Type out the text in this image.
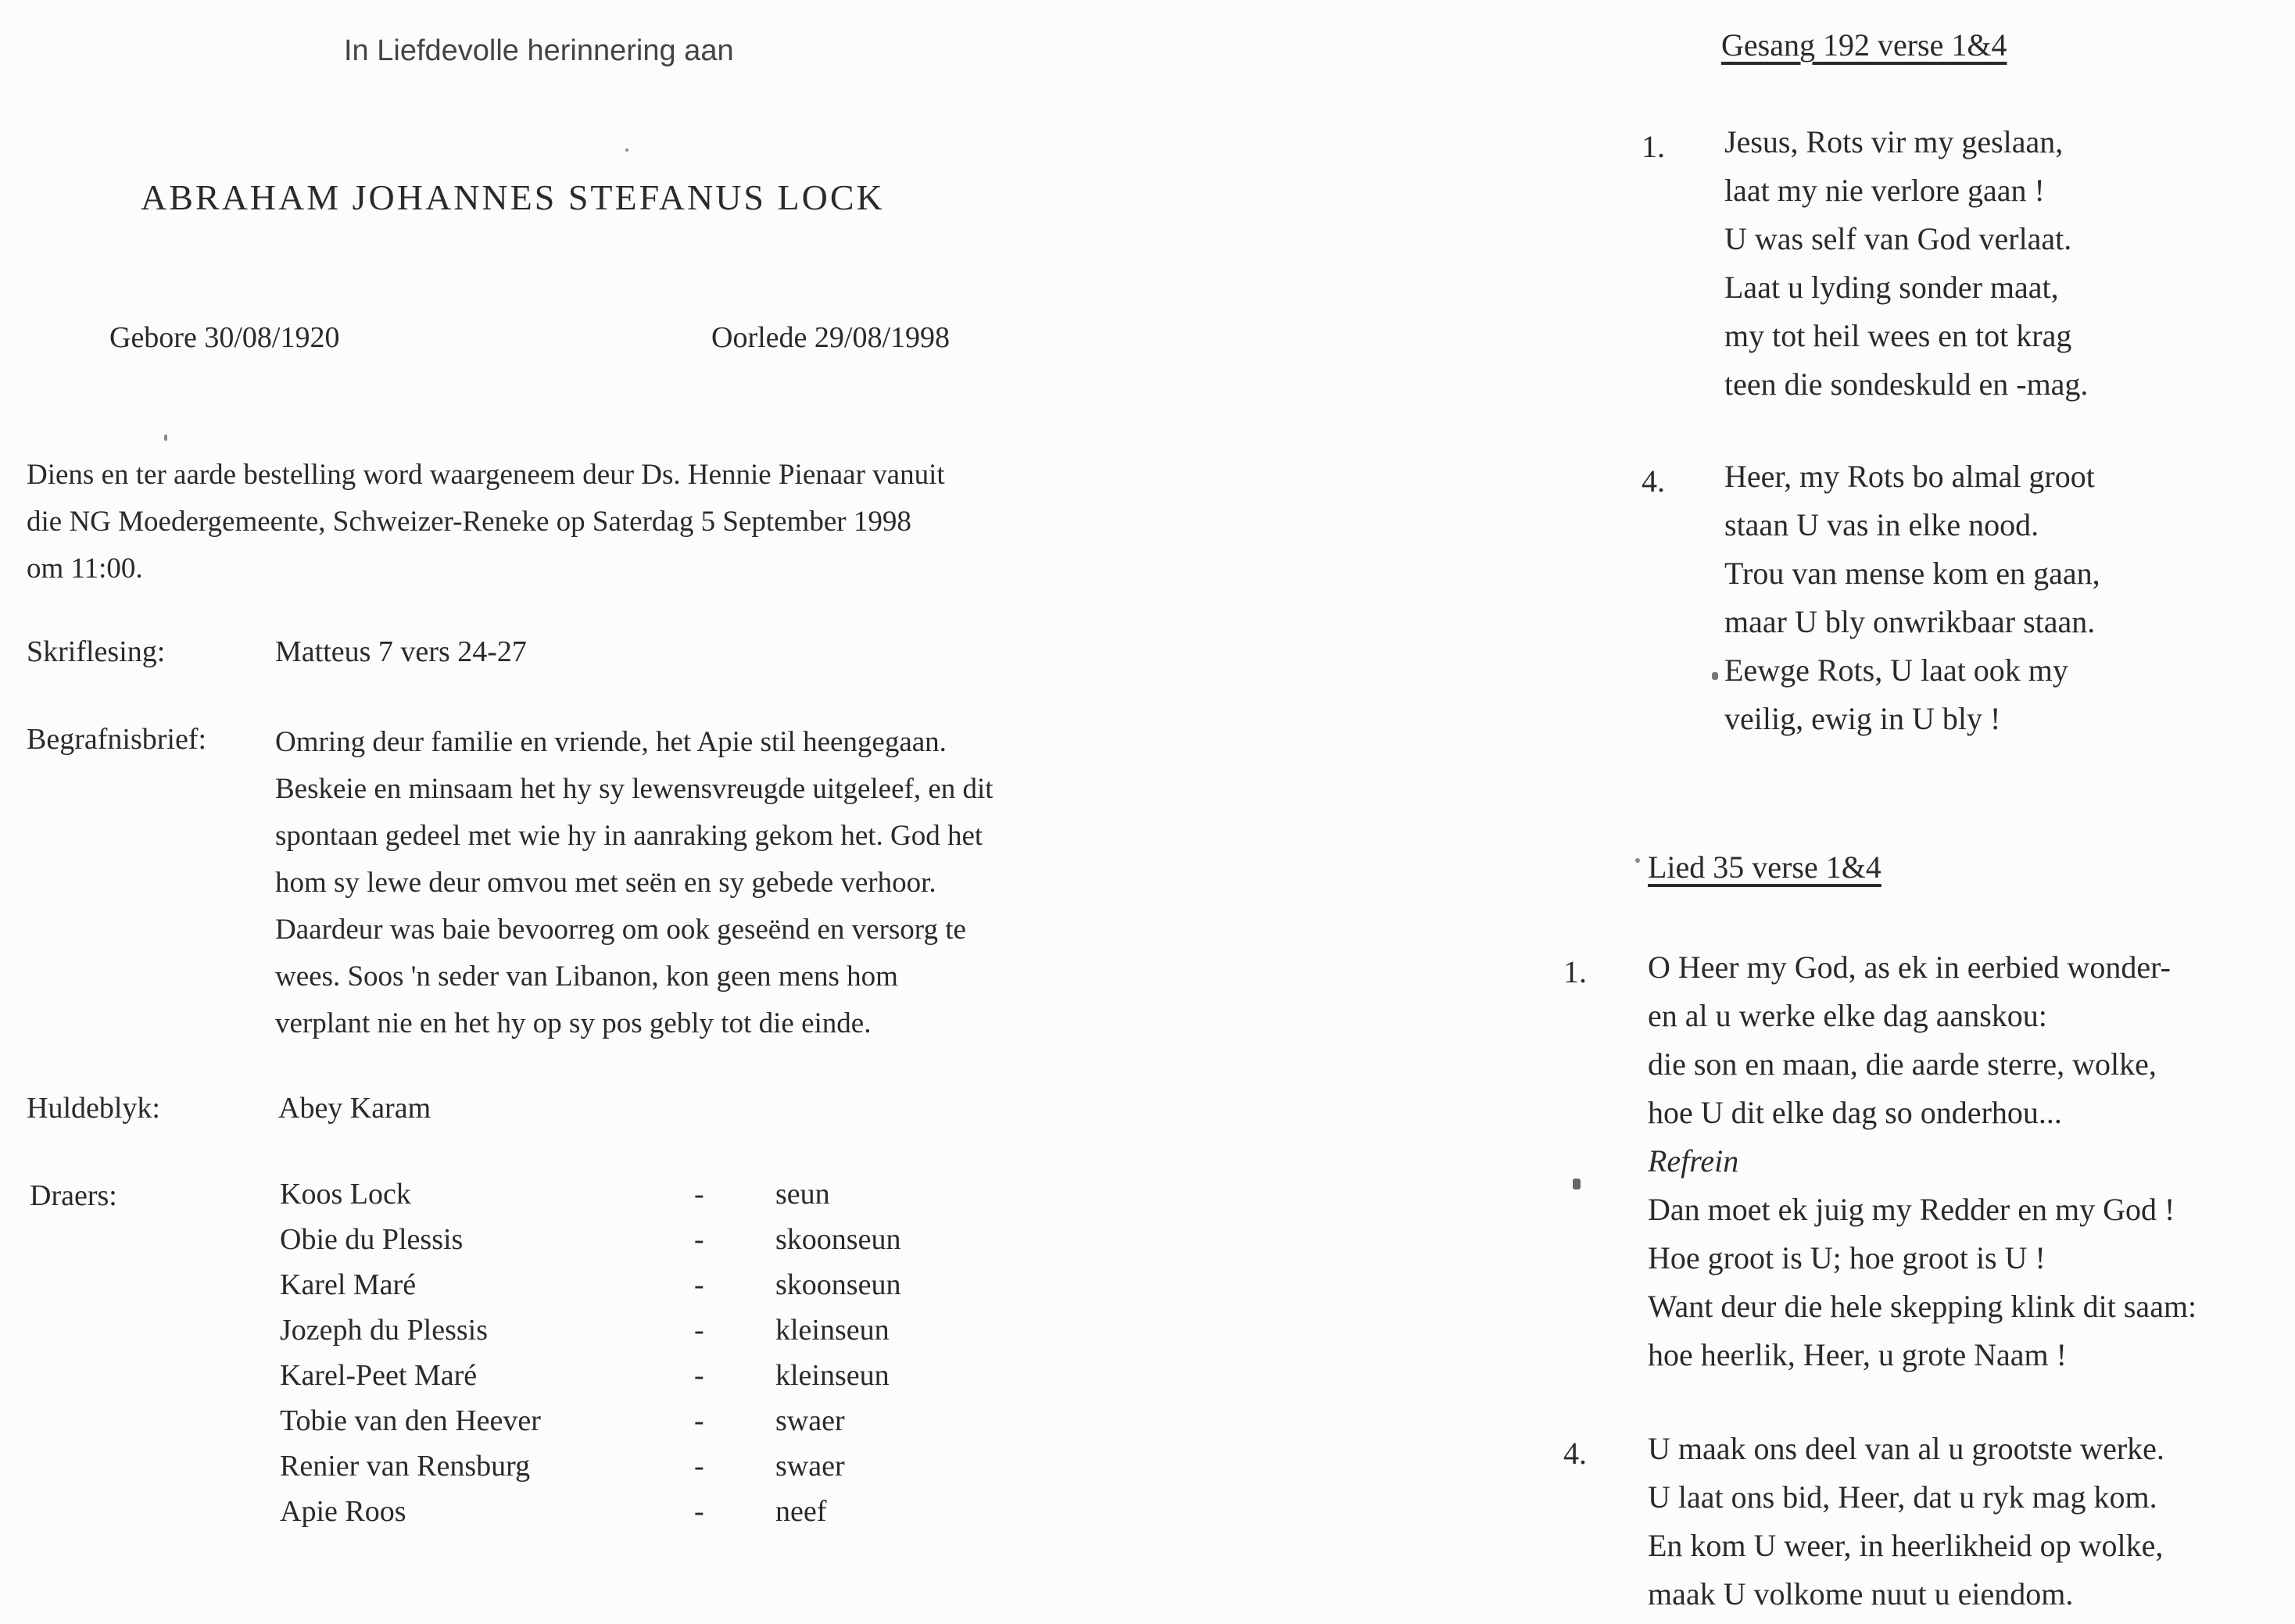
In Liefdevolle herinnering aan
ABRAHAM JOHANNES STEFANUS LOCK
Gebore 30/08/1920	Oorlede 29/08/1998
Diens en ter aarde bestelling word waargeneem deur Ds. Hennie Pienaar vanuit
die NG Moedergemeente, Schweizer-Reneke op Saterdag 5 September 1998
om 11:00.
Skriflesing:	Matteus 7 vers 24-27
Begrafnisbrief: Omring deur familie en vriende, het Apie stil heengegaan.
Beskeie en minsaam het hy sy lewensvreugde uitgeleef, en dit
spontaan gedeel met wie hy in aanraking gekom het. God het
hom sy lewe deur omvou met seën en sy gebede verhoor.
Daardeur was baie bevoorreg om ook geseënd en versorg te
wees. Soos 'n seder van Libanon, kon geen mens hom
verplant nie en het hy op sy pos gebly tot die einde.
Huldeblyk:	Abey Karam
Draers:	Koos Lock	- seun
Obie du Plessis	- skoonseun
Karel Maré	- skoonseun
Jozeph du Plessis	- kleinseun
Karel-Peet Maré	- kleinseun
Tobie van den Heever	- swaer
Renier van Rensburg	- swaer
Apie Roos	- neef
Gesang 192 verse 1&4
1. Jesus, Rots vir my geslaan,
laat my nie verlore gaan !
U was self van God verlaat.
Laat u lyding sonder maat,
my tot heil wees en tot krag
teen die sondeskuld en -mag.
4. Heer, my Rots bo almal groot
staan U vas in elke nood.
Trou van mense kom en gaan,
maar U bly onwrikbaar staan.
Eewge Rots, U laat ook my
veilig, ewig in U bly !
Lied 35 verse 1&4
1. O Heer my God, as ek in eerbied wonder-
en al u werke elke dag aanskou:
die son en maan, die aarde sterre, wolke,
hoe U dit elke dag so onderhou...
Refrein
Dan moet ek juig my Redder en my God !
Hoe groot is U; hoe groot is U !
Want deur die hele skepping klink dit saam:
hoe heerlik, Heer, u grote Naam !
4. U maak ons deel van al u grootste werke.
U laat ons bid, Heer, dat u ryk mag kom.
En kom U weer, in heerlikheid op wolke,
maak U volkome nuut u eiendom.
